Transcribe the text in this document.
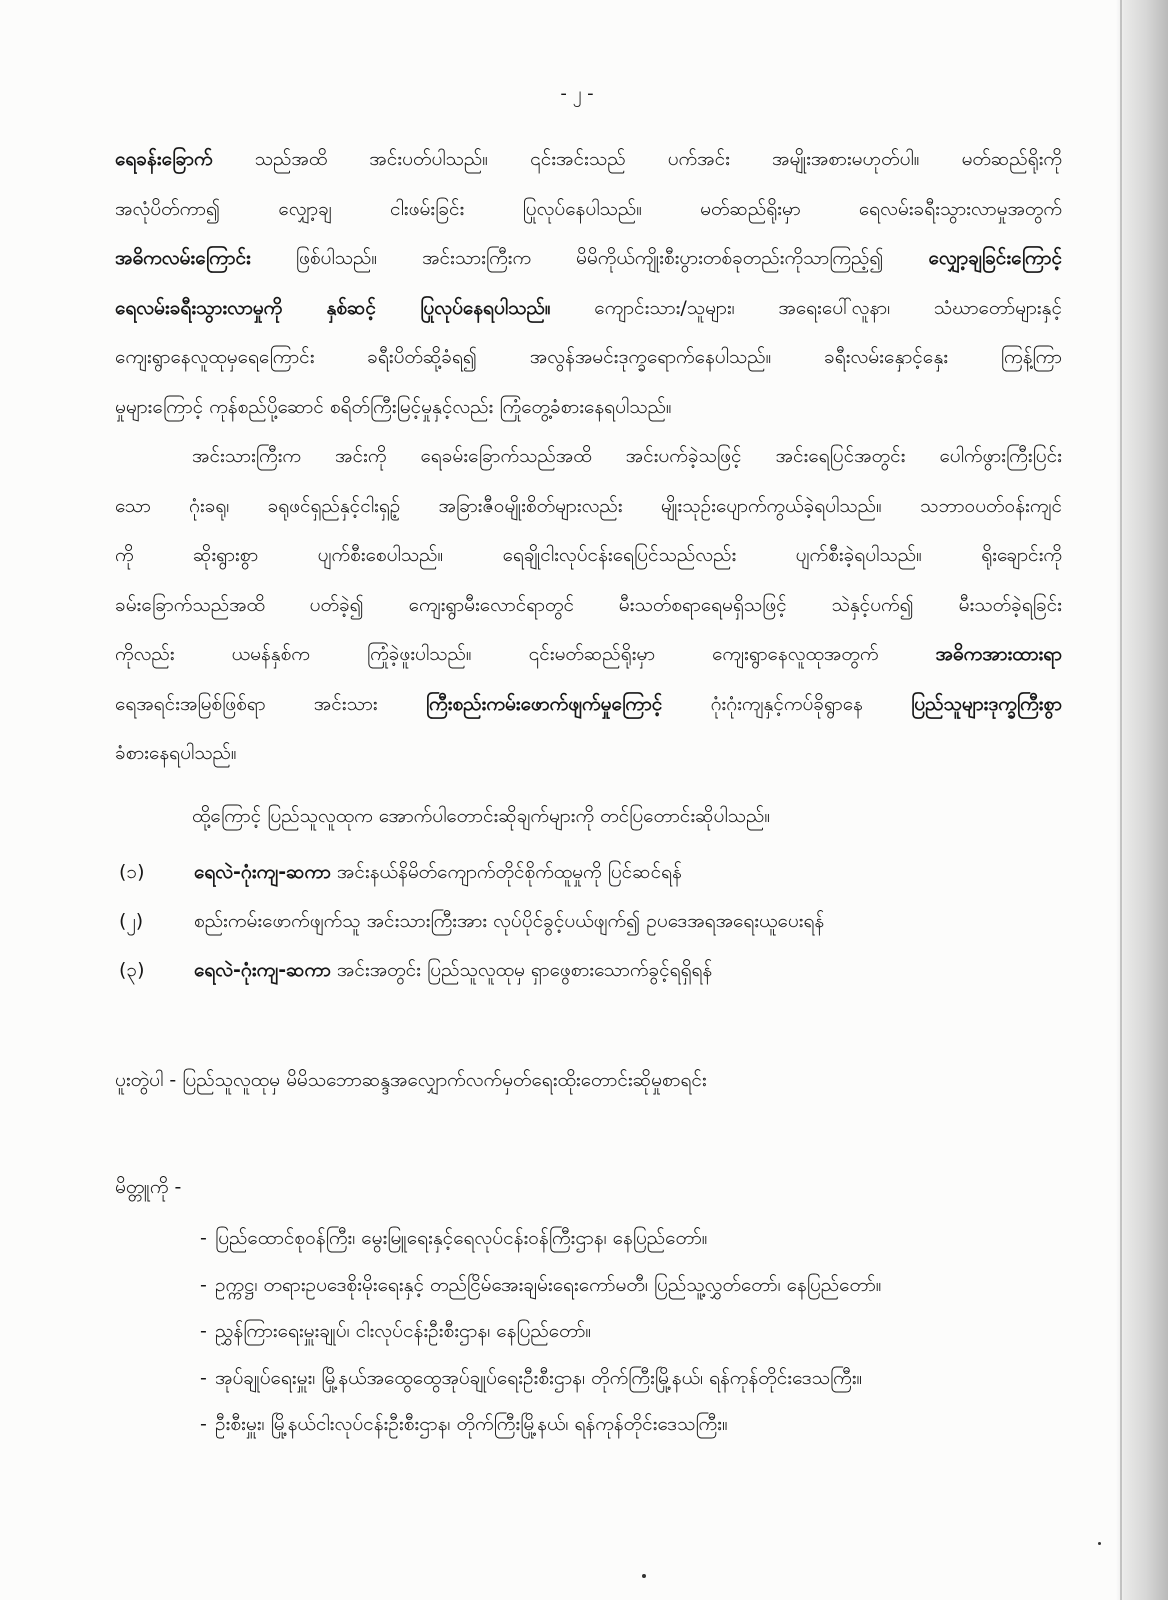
- ၂ -
ရေခန်းခြောက် သည်အထိ အင်းပတ်ပါသည်။ ၎င်းအင်းသည် ပက်အင်း အမျိုးအစားမဟုတ်ပါ။ မတ်ဆည်ရိုးကို
အလုံပိတ်ကာ၍ လျှော့ချ ငါးဖမ်းခြင်း ပြုလုပ်နေပါသည်။ မတ်ဆည်ရိုးမှာ ရေလမ်းခရီးသွားလာမှုအတွက်
အဓိကလမ်းကြောင်း ဖြစ်ပါသည်။ အင်းသားကြီးက မိမိကိုယ်ကျိုးစီးပွားတစ်ခုတည်းကိုသာကြည့်၍ လျှော့ချခြင်းကြောင့်
ရေလမ်းခရီးသွားလာမှုကို နှစ်ဆင့် ပြုလုပ်နေရပါသည်။ ကျောင်းသား/သူများ၊ အရေးပေါ်လူနာ၊ သံဃာတော်များနှင့်
ကျေးရွာနေလူထုမှရေကြောင်း ခရီးပိတ်ဆို့ခံရ၍ အလွန်အမင်းဒုက္ခရောက်နေပါသည်။ ခရီးလမ်းနှောင့်နှေး ကြန့်ကြာ
မှုများကြောင့် ကုန်စည်ပို့ဆောင် စရိတ်ကြီးမြင့်မှုနှင့်လည်း ကြုံတွေ့ခံစားနေရပါသည်။
အင်းသားကြီးက အင်းကို ရေခမ်းခြောက်သည်အထိ အင်းပက်ခဲ့သဖြင့် အင်းရေပြင်အတွင်း ပေါက်ဖွားကြီးပြင်း
သော ဂုံးခရု၊ ခရုဖင်ရှည်နှင့်ငါးရှဉ့် အခြားဇီဝမျိုးစိတ်များလည်း မျိုးသုဉ်းပျောက်ကွယ်ခဲ့ရပါသည်။ သဘာဝပတ်ဝန်းကျင်
ကို ဆိုးရွားစွာ ပျက်စီးစေပါသည်။ ရေချိုငါးလုပ်ငန်းရေပြင်သည်လည်း ပျက်စီးခဲ့ရပါသည်။ ရိုးချောင်းကို
ခမ်းခြောက်သည်အထိ ပတ်ခဲ့၍ ကျေးရွာမီးလောင်ရာတွင် မီးသတ်စရာရေမရှိသဖြင့် သဲနှင့်ပက်၍ မီးသတ်ခဲ့ရခြင်း
ကိုလည်း ယမန်နှစ်က ကြုံခဲ့ဖူးပါသည်။ ၎င်းမတ်ဆည်ရိုးမှာ ကျေးရွာနေလူထုအတွက် အဓိကအားထားရာ
ရေအရင်းအမြစ်ဖြစ်ရာ အင်းသား ကြီးစည်းကမ်းဖောက်ဖျက်မှုကြောင့် ဂုံးဂုံးကျနှင့်ကပ်ခိုရွာနေ ပြည်သူများဒုက္ခကြီးစွာ
ခံစားနေရပါသည်။
ထို့ကြောင့် ပြည်သူလူထုက အောက်ပါတောင်းဆိုချက်များကို တင်ပြတောင်းဆိုပါသည်။
(၁)	ရေလဲ-ဂုံးကျ-ဆကာ အင်းနယ်နိမိတ်ကျောက်တိုင်စိုက်ထူမှုကို ပြင်ဆင်ရန်
(၂)	စည်းကမ်းဖောက်ဖျက်သူ အင်းသားကြီးအား လုပ်ပိုင်ခွင့်ပယ်ဖျက်၍ ဥပဒေအရအရေးယူပေးရန်
(၃)	ရေလဲ-ဂုံးကျ-ဆကာ အင်းအတွင်း ပြည်သူလူထုမှ ရှာဖွေစားသောက်ခွင့်ရရှိရန်
ပူးတွဲပါ - ပြည်သူလူထုမှ မိမိသဘောဆန္ဒအလျှောက်လက်မှတ်ရေးထိုးတောင်းဆိုမှုစာရင်း
မိတ္တူကို -
- ပြည်ထောင်စုဝန်ကြီး၊ မွေးမြူရေးနှင့်ရေလုပ်ငန်းဝန်ကြီးဌာန၊ နေပြည်တော်။
- ဥက္ကဋ္ဌ၊ တရားဥပဒေစိုးမိုးရေးနှင့် တည်ငြိမ်အေးချမ်းရေးကော်မတီ၊ ပြည်သူ့လွှတ်တော်၊ နေပြည်တော်။
- ညွှန်ကြားရေးမှူးချုပ်၊ ငါးလုပ်ငန်းဦးစီးဌာန၊ နေပြည်တော်။
- အုပ်ချုပ်ရေးမှူး၊ မြို့နယ်အထွေထွေအုပ်ချုပ်ရေးဦးစီးဌာန၊ တိုက်ကြီးမြို့နယ်၊ ရန်ကုန်တိုင်းဒေသကြီး။
- ဦးစီးမှူး၊ မြို့နယ်ငါးလုပ်ငန်းဦးစီးဌာန၊ တိုက်ကြီးမြို့နယ်၊ ရန်ကုန်တိုင်းဒေသကြီး။
